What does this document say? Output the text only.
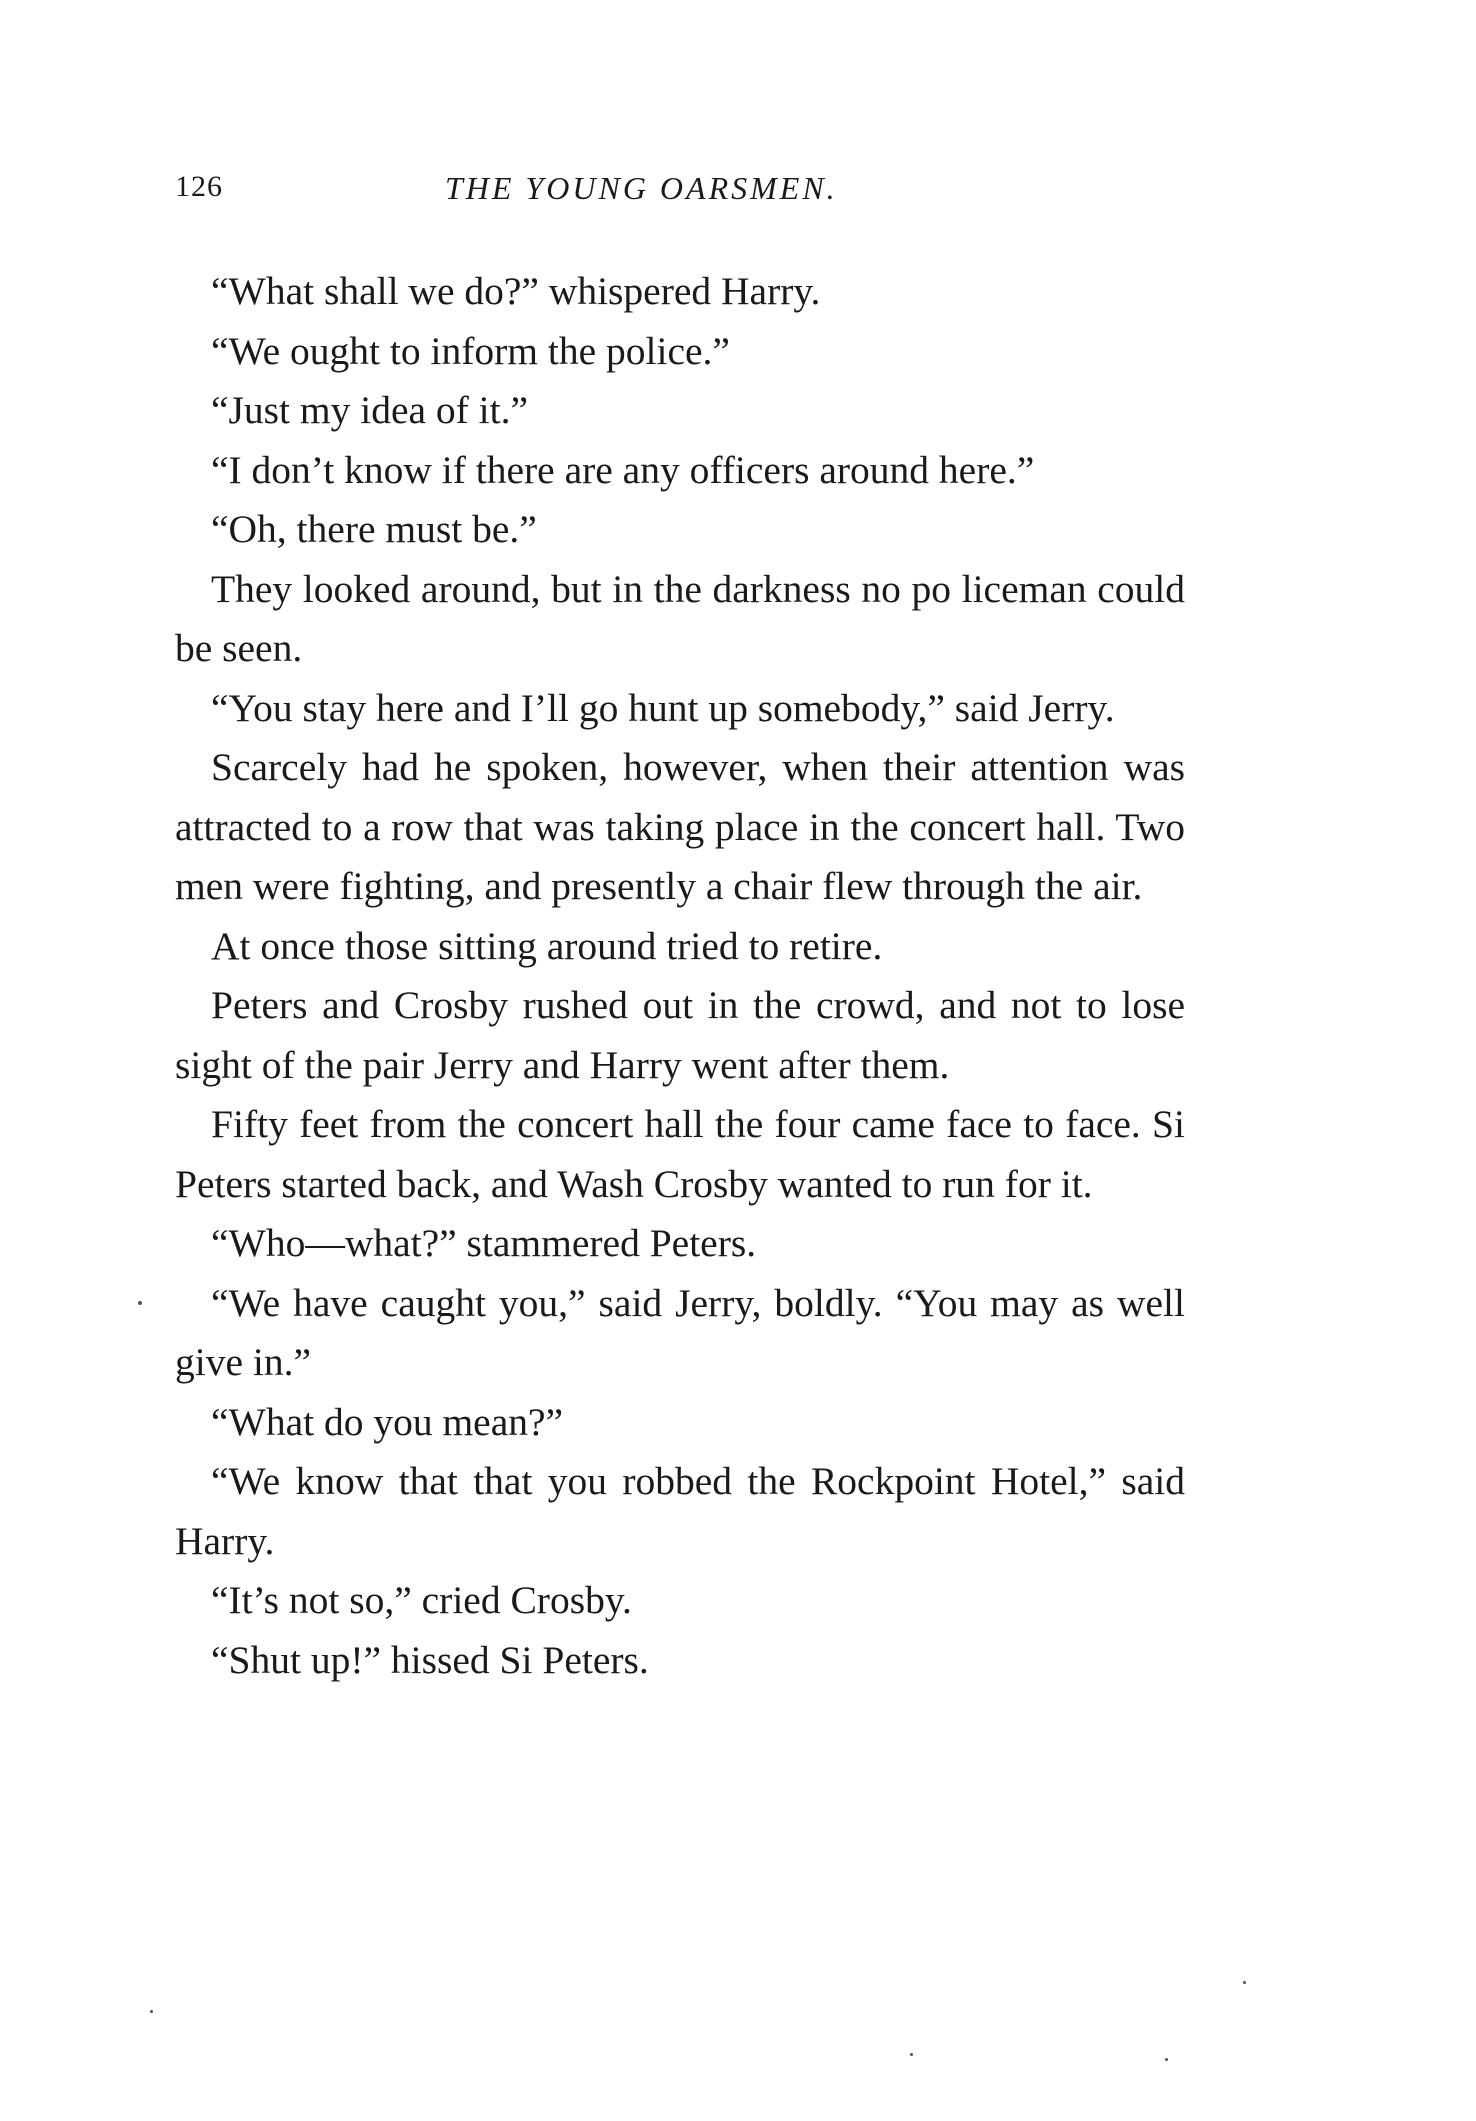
126	THE YOUNG OARSMEN.

“What shall we do?” whispered Harry.

“We ought to inform the police.”

“Just my idea of it.”

“I don’t know if there are any officers around here.”

“Oh, there must be.”

They looked around, but in the darkness no po liceman could be seen.

“You stay here and I’ll go hunt up somebody,” said Jerry.

Scarcely had he spoken, however, when their attention was attracted to a row that was taking place in the concert hall. Two men were fighting, and presently a chair flew through the air.

At once those sitting around tried to retire.

Peters and Crosby rushed out in the crowd, and not to lose sight of the pair Jerry and Harry went after them.

Fifty feet from the concert hall the four came face to face. Si Peters started back, and Wash Crosby wanted to run for it.

“Who—what?” stammered Peters.

“We have caught you,” said Jerry, boldly. “You may as well give in.”

“What do you mean?”

“We know that that you robbed the Rockpoint Hotel,” said Harry.

“It’s not so,” cried Crosby.

“Shut up!” hissed Si Peters.
